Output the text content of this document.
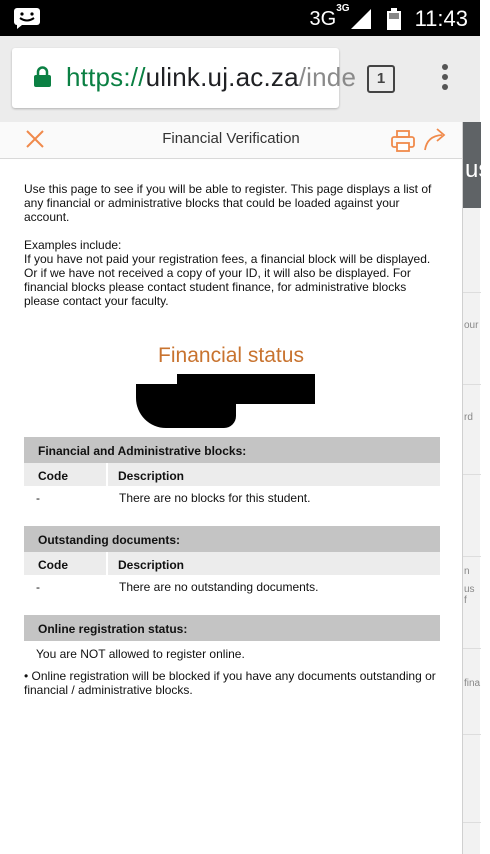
$3G^{3G}$	11:43
https://ulink.uj.ac.za/inde	1
us
our
rd
n
us f
fina
Financial Verification
Use this page to see if you will be able to register. This page displays a list of any financial or administrative blocks that could be loaded against your account.
Examples include:
If you have not paid your registration fees, a financial block will be displayed. Or if we have not received a copy of your ID, it will also be displayed. For financial blocks please contact student finance, for administrative blocks please contact your faculty.
Financial status
Financial and Administrative blocks:
Code	Description
-	There are no blocks for this student.
Outstanding documents:
Code	Description
-	There are no outstanding documents.
Online registration status:
You are NOT allowed to register online.
• Online registration will be blocked if you have any documents outstanding or financial / administrative blocks.
